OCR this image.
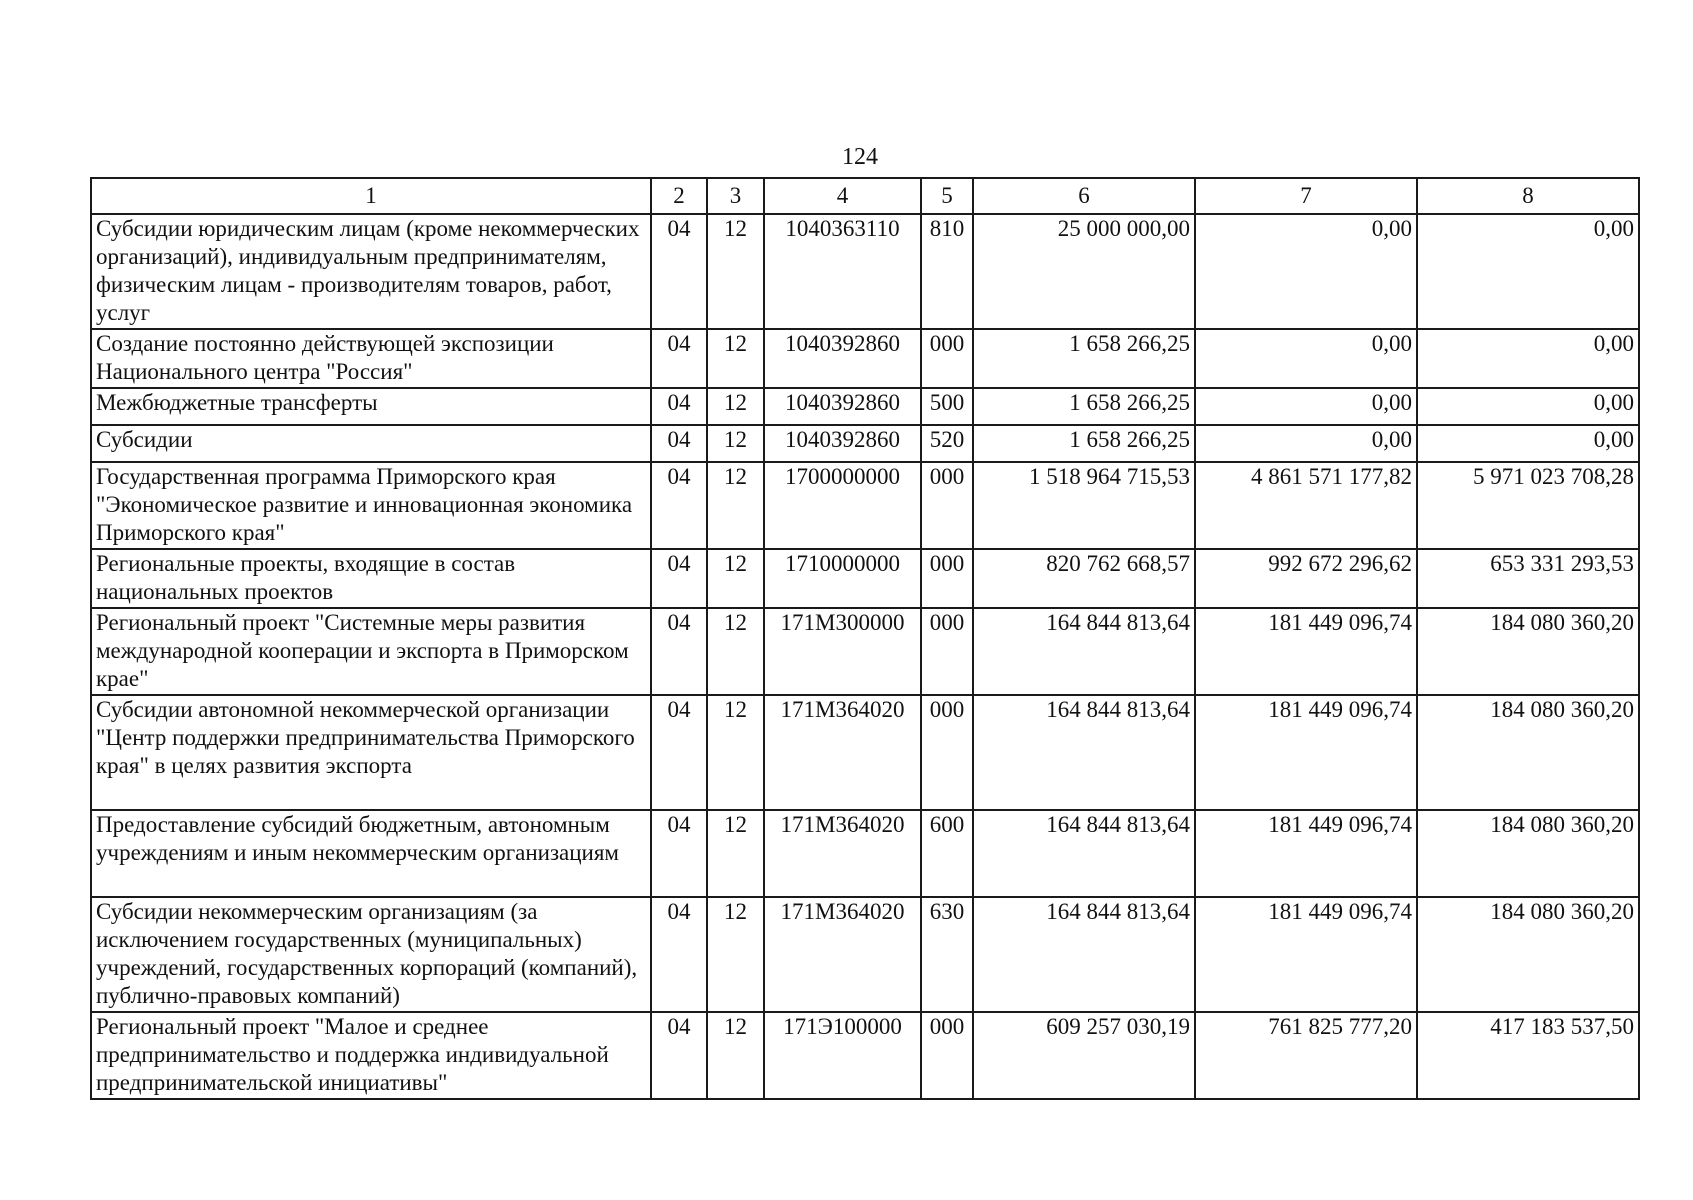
124
1	2	3	4	5	6	7	8
Субсидии юридическим лицам (кроме некоммерческих организаций), индивидуальным предпринимателям, физическим лицам - производителям товаров, работ, услуг	04	12	1040363110	810	25 000 000,00	0,00	0,00
Создание постоянно действующей экспозиции Национального центра "Россия"	04	12	1040392860	000	1 658 266,25	0,00	0,00
Межбюджетные трансферты	04	12	1040392860	500	1 658 266,25	0,00	0,00
Субсидии	04	12	1040392860	520	1 658 266,25	0,00	0,00
Государственная программа Приморского края "Экономическое развитие и инновационная экономика Приморского края"	04	12	1700000000	000	1 518 964 715,53	4 861 571 177,82	5 971 023 708,28
Региональные проекты, входящие в состав национальных проектов	04	12	1710000000	000	820 762 668,57	992 672 296,62	653 331 293,53
Региональный проект "Системные меры развития международной кооперации и экспорта в Приморском крае"	04	12	171M300000	000	164 844 813,64	181 449 096,74	184 080 360,20
Субсидии автономной некоммерческой организации "Центр поддержки предпринимательства Приморского края" в целях развития экспорта	04	12	171M364020	000	164 844 813,64	181 449 096,74	184 080 360,20
Предоставление субсидий бюджетным, автономным учреждениям и иным некоммерческим организациям	04	12	171M364020	600	164 844 813,64	181 449 096,74	184 080 360,20
Субсидии некоммерческим организациям (за исключением государственных (муниципальных) учреждений, государственных корпораций (компаний), публично-правовых компаний)	04	12	171M364020	630	164 844 813,64	181 449 096,74	184 080 360,20
Региональный проект "Малое и среднее предпринимательство и поддержка индивидуальной предпринимательской инициативы"	04	12	171Э100000	000	609 257 030,19	761 825 777,20	417 183 537,50
